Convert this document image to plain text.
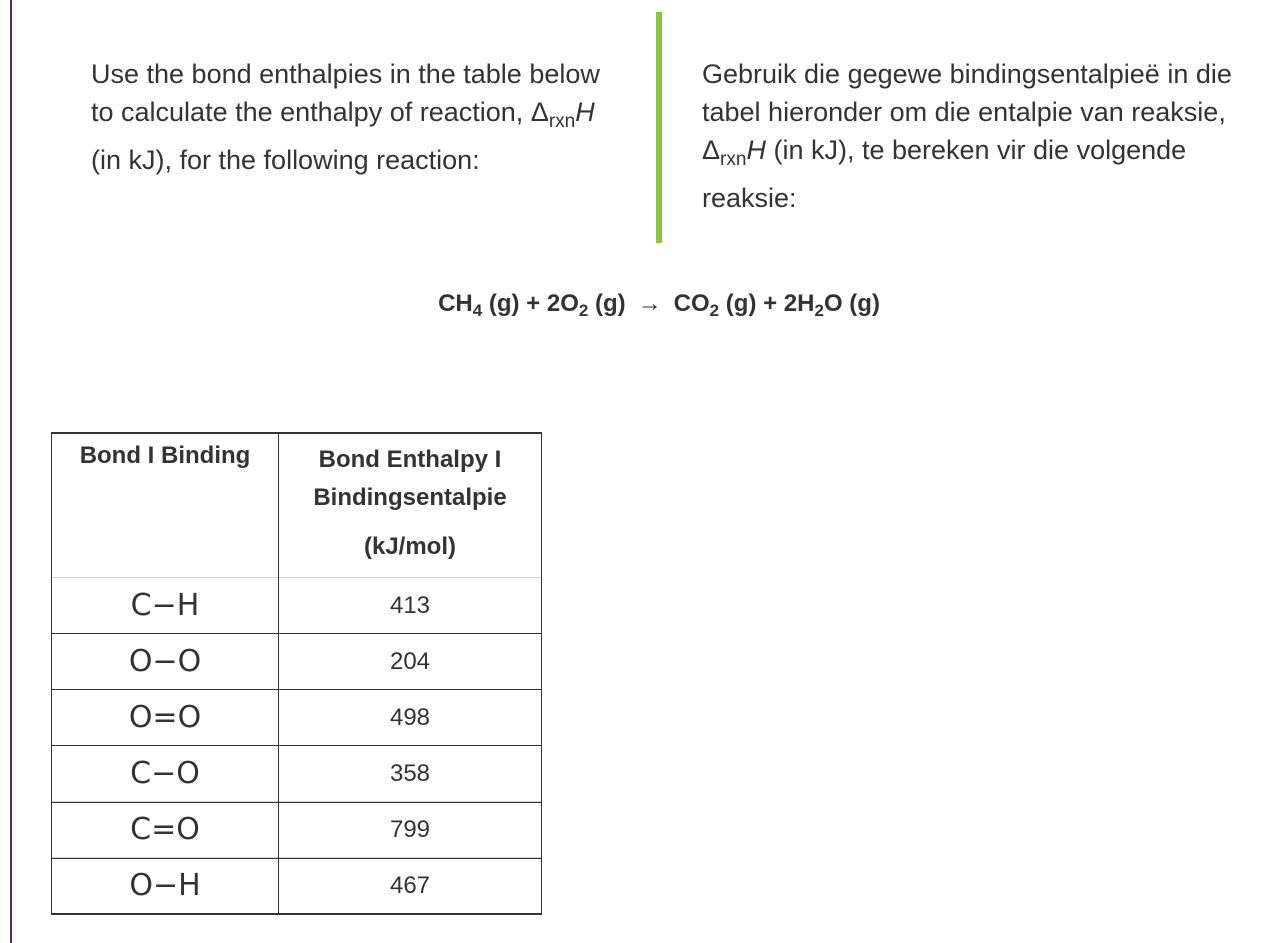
Use the bond enthalpies in the table below to calculate the enthalpy of reaction, $\Delta_{rxn}H$ (in kJ), for the following reaction:
Gebruik die gegewe bindingsentalpieë in die tabel hieronder om die entalpie van reaksie, $\Delta_{rxn}H$ (in kJ), te bereken vir die volgende reaksie:
$CH_4$ $(g) + 2O_2$ $(g) \to CO_2$ $(g) + 2H_2O$ (g)
Bond I Binding	Bond Enthalpy I
Bindingsentalpie
(kJ/mol)

C−H	413
O−O	204
O=O	498
C−O	358
C=O	799
O−H	467
